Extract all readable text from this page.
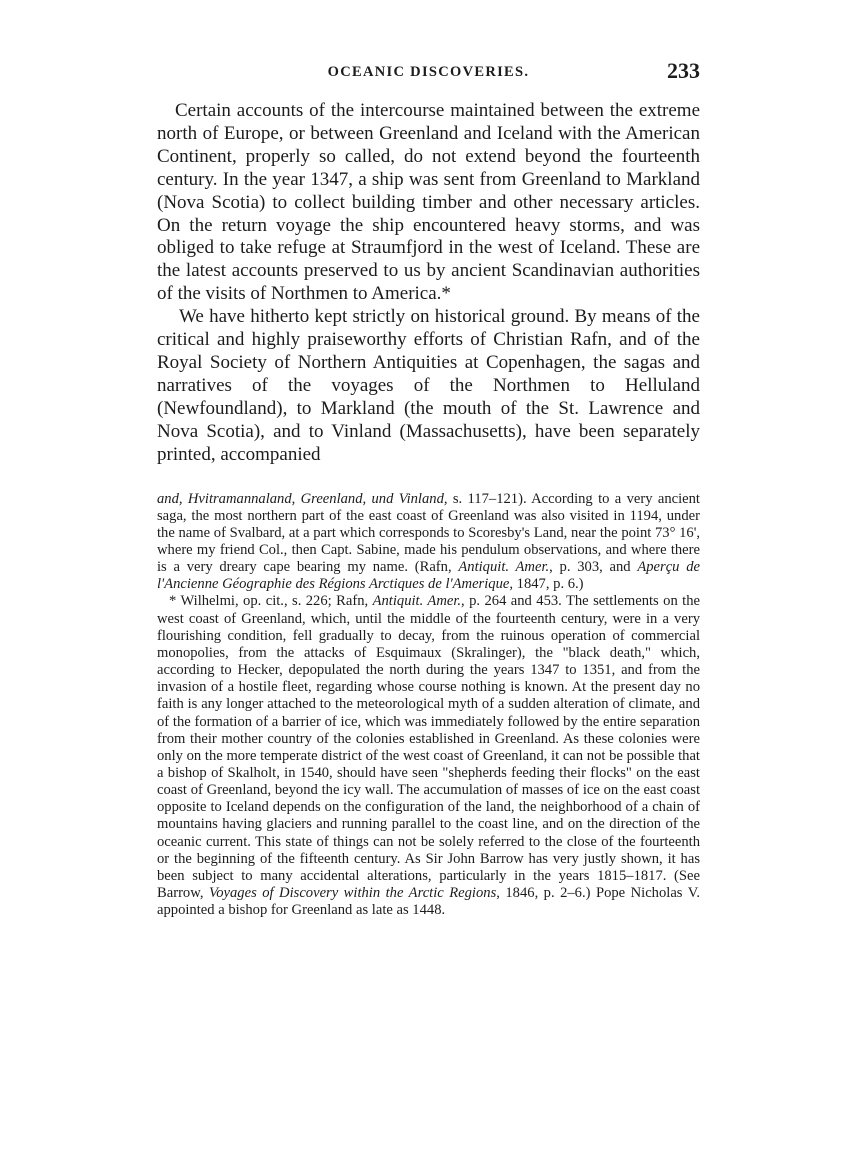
OCEANIC DISCOVERIES.	233

Certain accounts of the intercourse maintained between the extreme north of Europe, or between Greenland and Iceland with the American Continent, properly so called, do not extend beyond the fourteenth century. In the year 1347, a ship was sent from Greenland to Markland (Nova Scotia) to collect building timber and other necessary articles. On the return voyage the ship encountered heavy storms, and was obliged to take refuge at Straumfjord in the west of Iceland. These are the latest accounts preserved to us by ancient Scandinavian authorities of the visits of Northmen to America.*

We have hitherto kept strictly on historical ground. By means of the critical and highly praiseworthy efforts of Christian Rafn, and of the Royal Society of Northern Antiquities at Copenhagen, the sagas and narratives of the voyages of the Northmen to Helluland (Newfoundland), to Markland (the mouth of the St. Lawrence and Nova Scotia), and to Vinland (Massachusetts), have been separately printed, accompanied

and, Hvitramannaland, Greenland, und Vinland, s. 117–121). According to a very ancient saga, the most northern part of the east coast of Greenland was also visited in 1194, under the name of Svalbard, at a part which corresponds to Scoresby's Land, near the point 73° 16', where my friend Col., then Capt. Sabine, made his pendulum observations, and where there is a very dreary cape bearing my name. (Rafn, Antiquit. Amer., p. 303, and Aperçu de l'Ancienne Géographie des Régions Arctiques de l'Amerique, 1847, p. 6.)

* Wilhelmi, op. cit., s. 226; Rafn, Antiquit. Amer., p. 264 and 453. The settlements on the west coast of Greenland, which, until the middle of the fourteenth century, were in a very flourishing condition, fell gradually to decay, from the ruinous operation of commercial monopolies, from the attacks of Esquimaux (Skralinger), the "black death," which, according to Hecker, depopulated the north during the years 1347 to 1351, and from the invasion of a hostile fleet, regarding whose course nothing is known. At the present day no faith is any longer attached to the meteorological myth of a sudden alteration of climate, and of the formation of a barrier of ice, which was immediately followed by the entire separation from their mother country of the colonies established in Greenland. As these colonies were only on the more temperate district of the west coast of Greenland, it can not be possible that a bishop of Skalholt, in 1540, should have seen "shepherds feeding their flocks" on the east coast of Greenland, beyond the icy wall. The accumulation of masses of ice on the east coast opposite to Iceland depends on the configuration of the land, the neighborhood of a chain of mountains having glaciers and running parallel to the coast line, and on the direction of the oceanic current. This state of things can not be solely referred to the close of the fourteenth or the beginning of the fifteenth century. As Sir John Barrow has very justly shown, it has been subject to many accidental alterations, particularly in the years 1815–1817. (See Barrow, Voyages of Discovery within the Arctic Regions, 1846, p. 2–6.) Pope Nicholas V. appointed a bishop for Greenland as late as 1448.
